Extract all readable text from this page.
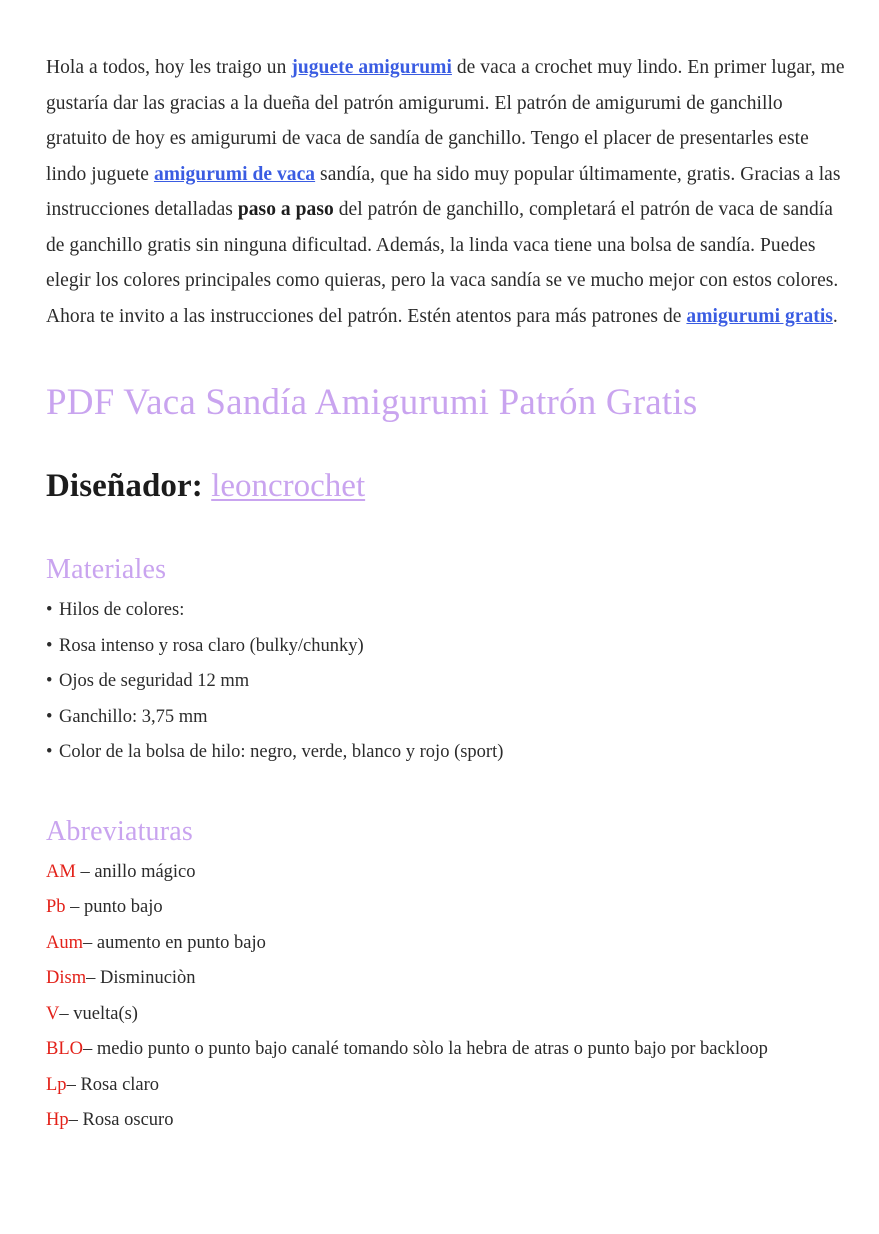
Hola a todos, hoy les traigo un juguete amigurumi de vaca a crochet muy lindo. En primer lugar, me gustaría dar las gracias a la dueña del patrón amigurumi. El patrón de amigurumi de ganchillo gratuito de hoy es amigurumi de vaca de sandía de ganchillo. Tengo el placer de presentarles este lindo juguete amigurumi de vaca sandía, que ha sido muy popular últimamente, gratis. Gracias a las instrucciones detalladas paso a paso del patrón de ganchillo, completará el patrón de vaca de sandía de ganchillo gratis sin ninguna dificultad. Además, la linda vaca tiene una bolsa de sandía. Puedes elegir los colores principales como quieras, pero la vaca sandía se ve mucho mejor con estos colores. Ahora te invito a las instrucciones del patrón. Estén atentos para más patrones de amigurumi gratis.

PDF Vaca Sandía Amigurumi Patrón Gratis
Diseñador: leoncrochet
Materiales
• Hilos de colores:
• Rosa intenso y rosa claro (bulky/chunky)
• Ojos de seguridad 12 mm
• Ganchillo: 3,75 mm
• Color de la bolsa de hilo: negro, verde, blanco y rojo (sport)
Abreviaturas
AM – anillo mágico
Pb – punto bajo
Aum– aumento en punto bajo
Dism– Disminuciòn
V– vuelta(s)
BLO– medio punto o punto bajo canalé tomando sòlo la hebra de atras o punto bajo por backloop
Lp– Rosa claro
Hp– Rosa oscuro
